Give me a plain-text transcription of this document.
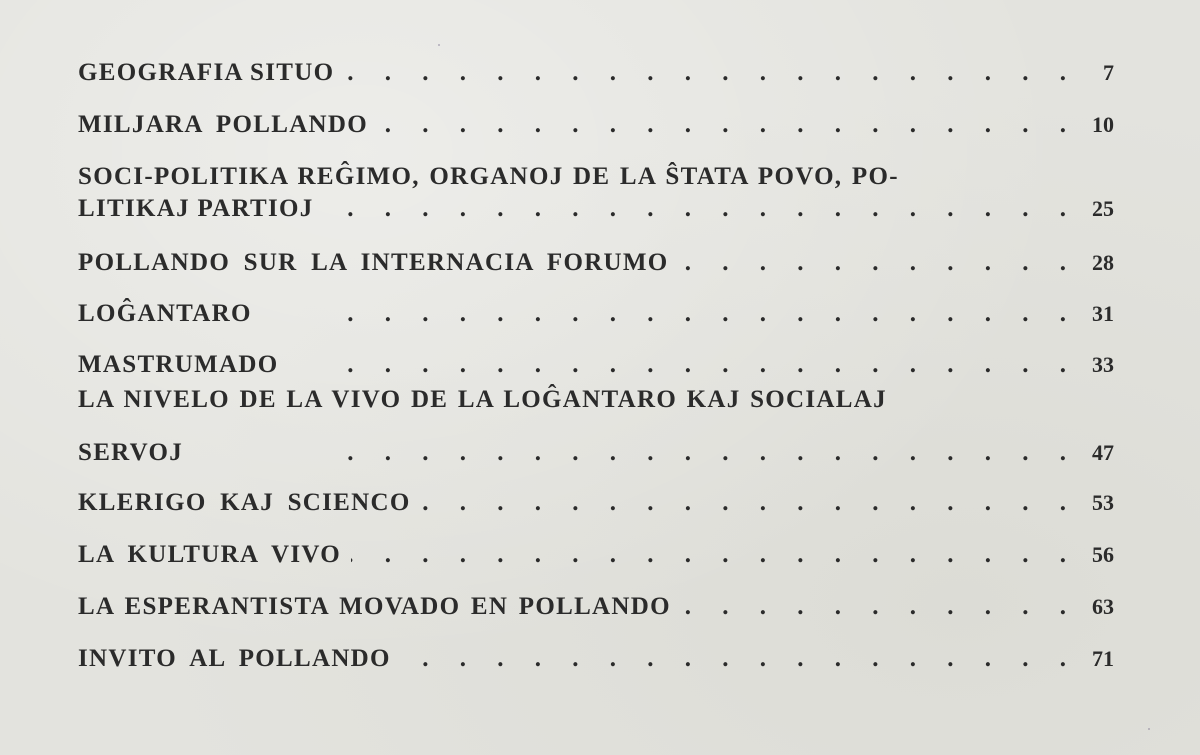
GEOGRAFIA SITUO .	7
MILJARA POLLANDO .	10
SOCI-POLITIKA REĜIMO, ORGANOJ DE LA ŜTATA POVO, PO-
LITIKAJ PARTIOJ .	25
POLLANDO SUR LA INTERNACIA FORUMO .	28
LOĜANTARO .	31
MASTRUMADO .	33
LA NIVELO DE LA VIVO DE LA LOĜANTARO KAJ SOCIALAJ
SERVOJ .	47
KLERIGO KAJ SCIENCO .	53
LA KULTURA VIVO .	56
LA ESPERANTISTA MOVADO EN POLLANDO .	63
INVITO AL POLLANDO .	71
